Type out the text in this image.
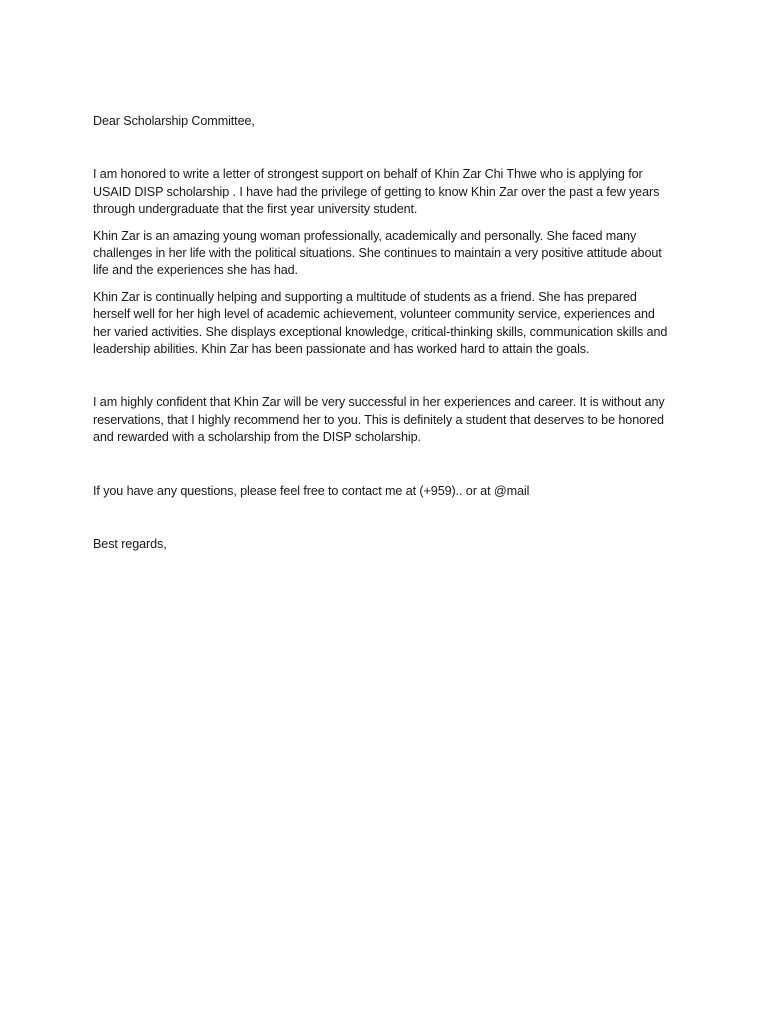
Dear Scholarship Committee,

I am honored to write a letter of strongest support on behalf of Khin Zar Chi Thwe who is applying for USAID DISP scholarship . I have had the privilege of getting to know Khin Zar over the past a few years through undergraduate that the first year university student.

Khin Zar is an amazing young woman professionally, academically and personally. She faced many challenges in her life with the political situations. She continues to maintain a very positive attitude about life and the experiences she has had.

Khin Zar is continually helping and supporting a multitude of students as a friend. She has prepared herself well for her high level of academic achievement, volunteer community service, experiences and her varied activities. She displays exceptional knowledge, critical-thinking skills, communication skills and leadership abilities. Khin Zar has been passionate and has worked hard to attain the goals.

I am highly confident that Khin Zar will be very successful in her experiences and career. It is without any reservations, that I highly recommend her to you. This is definitely a student that deserves to be honored and rewarded with a scholarship from the DISP scholarship.

If you have any questions, please feel free to contact me at (+959).. or at @mail

Best regards,
